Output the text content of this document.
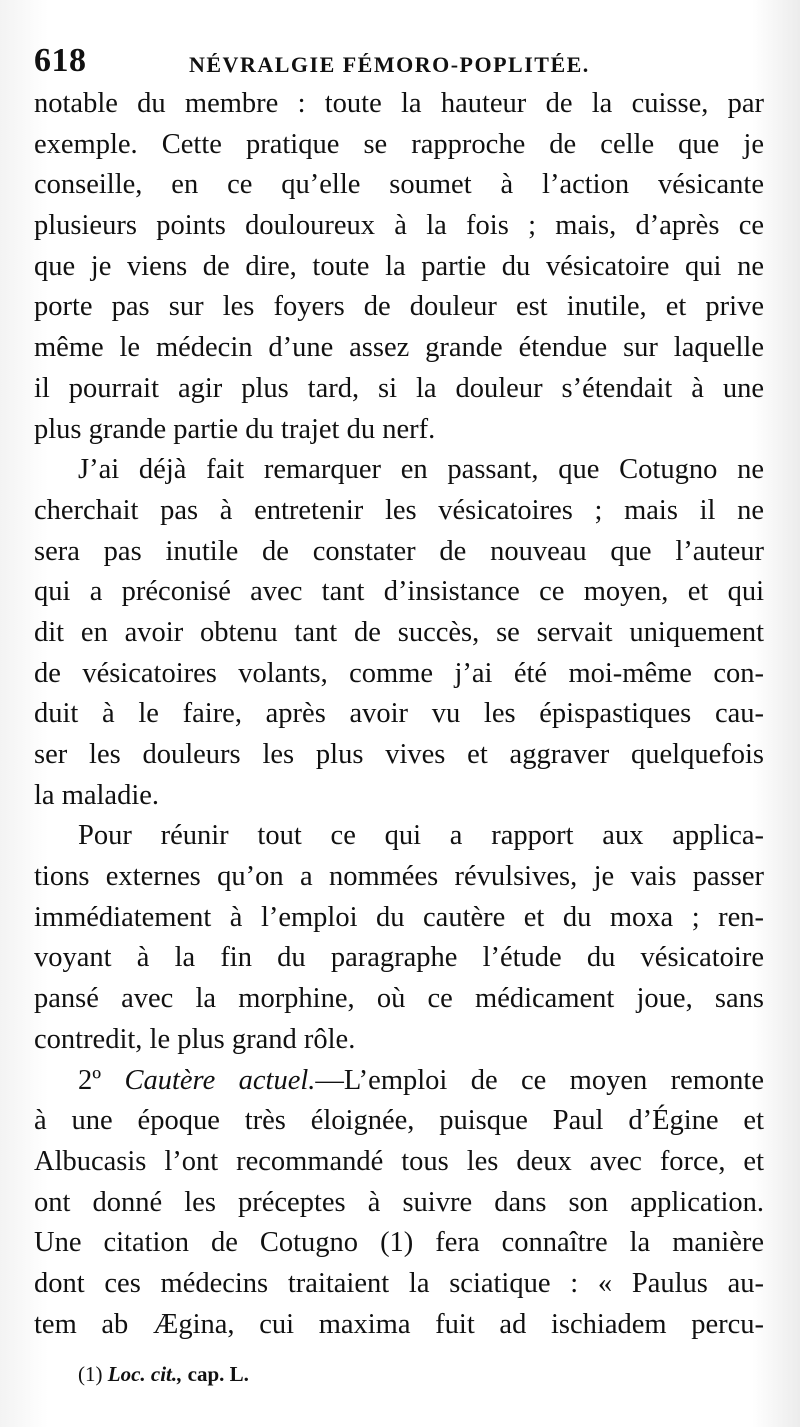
618	NÉVRALGIE FÉMORO-POPLITÉE.
notable du membre : toute la hauteur de la cuisse, par
exemple. Cette pratique se rapproche de celle que je
conseille, en ce qu’elle soumet à l’action vésicante
plusieurs points douloureux à la fois ; mais, d’après ce
que je viens de dire, toute la partie du vésicatoire qui ne
porte pas sur les foyers de douleur est inutile, et prive
même le médecin d’une assez grande étendue sur laquelle
il pourrait agir plus tard, si la douleur s’étendait à une
plus grande partie du trajet du nerf.
J’ai déjà fait remarquer en passant, que Cotugno ne
cherchait pas à entretenir les vésicatoires ; mais il ne
sera pas inutile de constater de nouveau que l’auteur
qui a préconisé avec tant d’insistance ce moyen, et qui
dit en avoir obtenu tant de succès, se servait uniquement
de vésicatoires volants, comme j’ai été moi-même con-
duit à le faire, après avoir vu les épispastiques cau-
ser les douleurs les plus vives et aggraver quelquefois
la maladie.
Pour réunir tout ce qui a rapport aux applica-
tions externes qu’on a nommées révulsives, je vais passer
immédiatement à l’emploi du cautère et du moxa ; ren-
voyant à la fin du paragraphe l’étude du vésicatoire
pansé avec la morphine, où ce médicament joue, sans
contredit, le plus grand rôle.
2º Cautère actuel.—L’emploi de ce moyen remonte
à une époque très éloignée, puisque Paul d’Égine et
Albucasis l’ont recommandé tous les deux avec force, et
ont donné les préceptes à suivre dans son application.
Une citation de Cotugno (1) fera connaître la manière
dont ces médecins traitaient la sciatique : « Paulus au-
tem ab Ægina, cui maxima fuit ad ischiadem percu-
(1) Loc. cit., cap. L.
